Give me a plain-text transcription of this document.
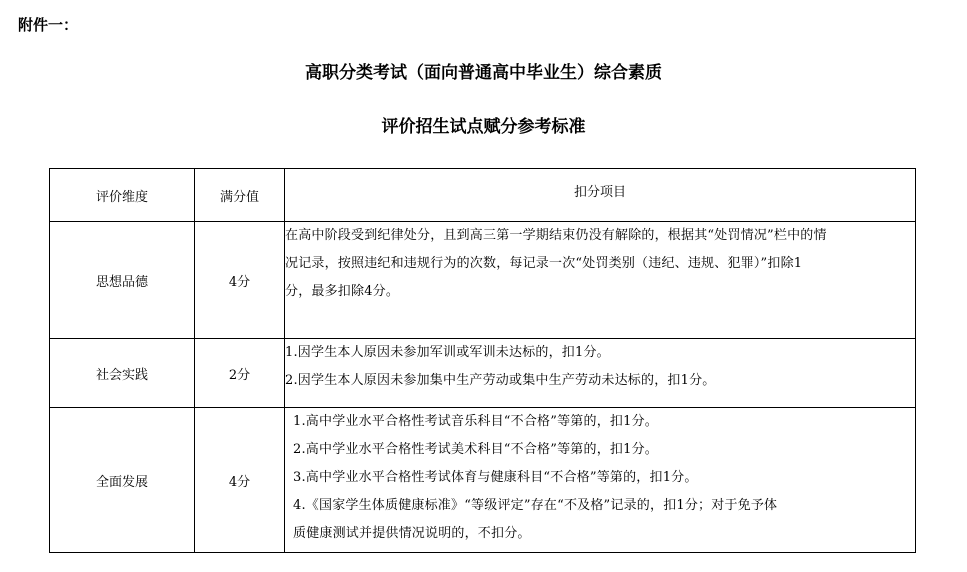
附件一：
高职分类考试（面向普通高中毕业生）综合素质
评价招生试点赋分参考标准
评价维度	满分值	扣分项目
思想品德	4分	在高中阶段受到纪律处分，且到高三第一学期结束仍没有解除的，根据其“处罚情况”栏中的情
况记录，按照违纪和违规行为的次数，每记录一次“处罚类别（违纪、违规、犯罪）”扣除1
分，最多扣除4分。

社会实践	2分	1.因学生本人原因未参加军训或军训未达标的，扣1分。
2.因学生本人原因未参加集中生产劳动或集中生产劳动未达标的，扣1分。

全面发展	4分	1.高中学业水平合格性考试音乐科目“不合格”等第的，扣1分。
2.高中学业水平合格性考试美术科目“不合格”等第的，扣1分。
3.高中学业水平合格性考试体育与健康科目“不合格”等第的，扣1分。
4.《国家学生体质健康标准》“等级评定”存在“不及格”记录的，扣1分；对于免予体
质健康测试并提供情况说明的，不扣分。
